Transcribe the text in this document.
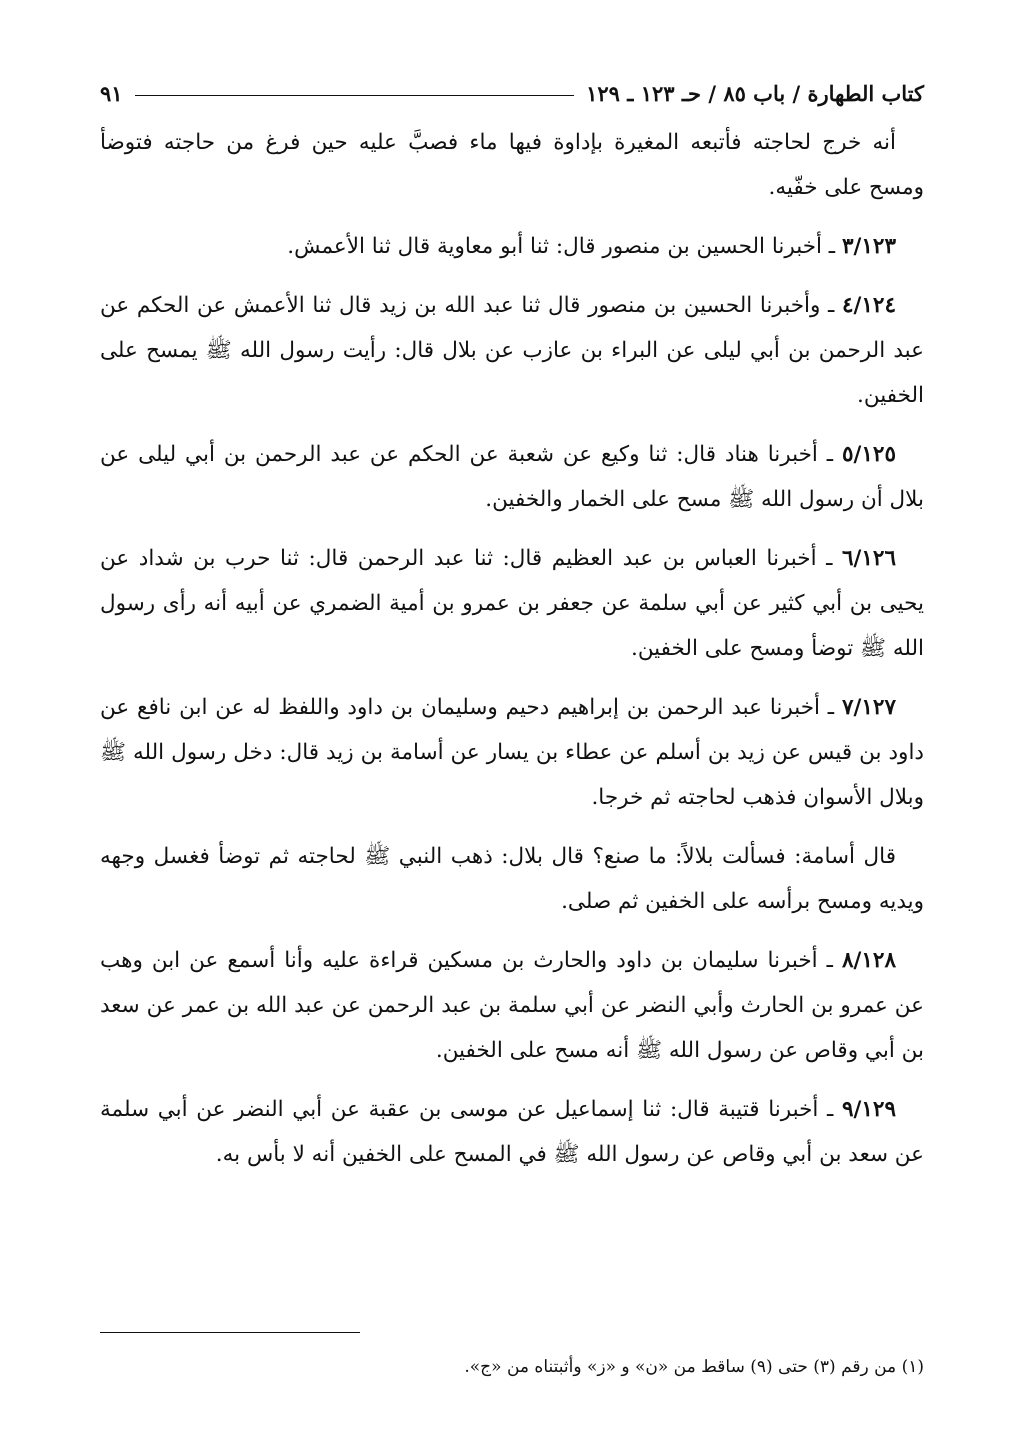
كتاب الطهارة / باب ٨٥ / حـ ١٢٣ ـ ١٢٩
٩١

أنه خرج لحاجته فأتبعه المغيرة بإداوة فيها ماء فصبَّ عليه حين فرغ من حاجته فتوضأ ومسح على خفّيه.

٣/١٢٣ ـ أخبرنا الحسين بن منصور قال: ثنا أبو معاوية قال ثنا الأعمش.

٤/١٢٤ ـ وأخبرنا الحسين بن منصور قال ثنا عبد الله بن زيد قال ثنا الأعمش عن الحكم عن عبد الرحمن بن أبي ليلى عن البراء بن عازب عن بلال قال: رأيت رسول الله ﷺ يمسح على الخفين.

٥/١٢٥ ـ أخبرنا هناد قال: ثنا وكيع عن شعبة عن الحكم عن عبد الرحمن بن أبي ليلى عن بلال أن رسول الله ﷺ مسح على الخمار والخفين.

٦/١٢٦ ـ أخبرنا العباس بن عبد العظيم قال: ثنا عبد الرحمن قال: ثنا حرب بن شداد عن يحيى بن أبي كثير عن أبي سلمة عن جعفر بن عمرو بن أمية الضمري عن أبيه أنه رأى رسول الله ﷺ توضأ ومسح على الخفين.

٧/١٢٧ ـ أخبرنا عبد الرحمن بن إبراهيم دحيم وسليمان بن داود واللفظ له عن ابن نافع عن داود بن قيس عن زيد بن أسلم عن عطاء بن يسار عن أسامة بن زيد قال: دخل رسول الله ﷺ وبلال الأسوان فذهب لحاجته ثم خرجا.

قال أسامة: فسألت بلالاً: ما صنع؟ قال بلال: ذهب النبي ﷺ لحاجته ثم توضأ فغسل وجهه ويديه ومسح برأسه على الخفين ثم صلى.

٨/١٢٨ ـ أخبرنا سليمان بن داود والحارث بن مسكين قراءة عليه وأنا أسمع عن ابن وهب عن عمرو بن الحارث وأبي النضر عن أبي سلمة بن عبد الرحمن عن عبد الله بن عمر عن سعد بن أبي وقاص عن رسول الله ﷺ أنه مسح على الخفين.

٩/١٢٩ ـ أخبرنا قتيبة قال: ثنا إسماعيل عن موسى بن عقبة عن أبي النضر عن أبي سلمة عن سعد بن أبي وقاص عن رسول الله ﷺ في المسح على الخفين أنه لا بأس به.

(١) من رقم (٣) حتى (٩) ساقط من «ن» و «ز» وأثبتناه من «ج».
